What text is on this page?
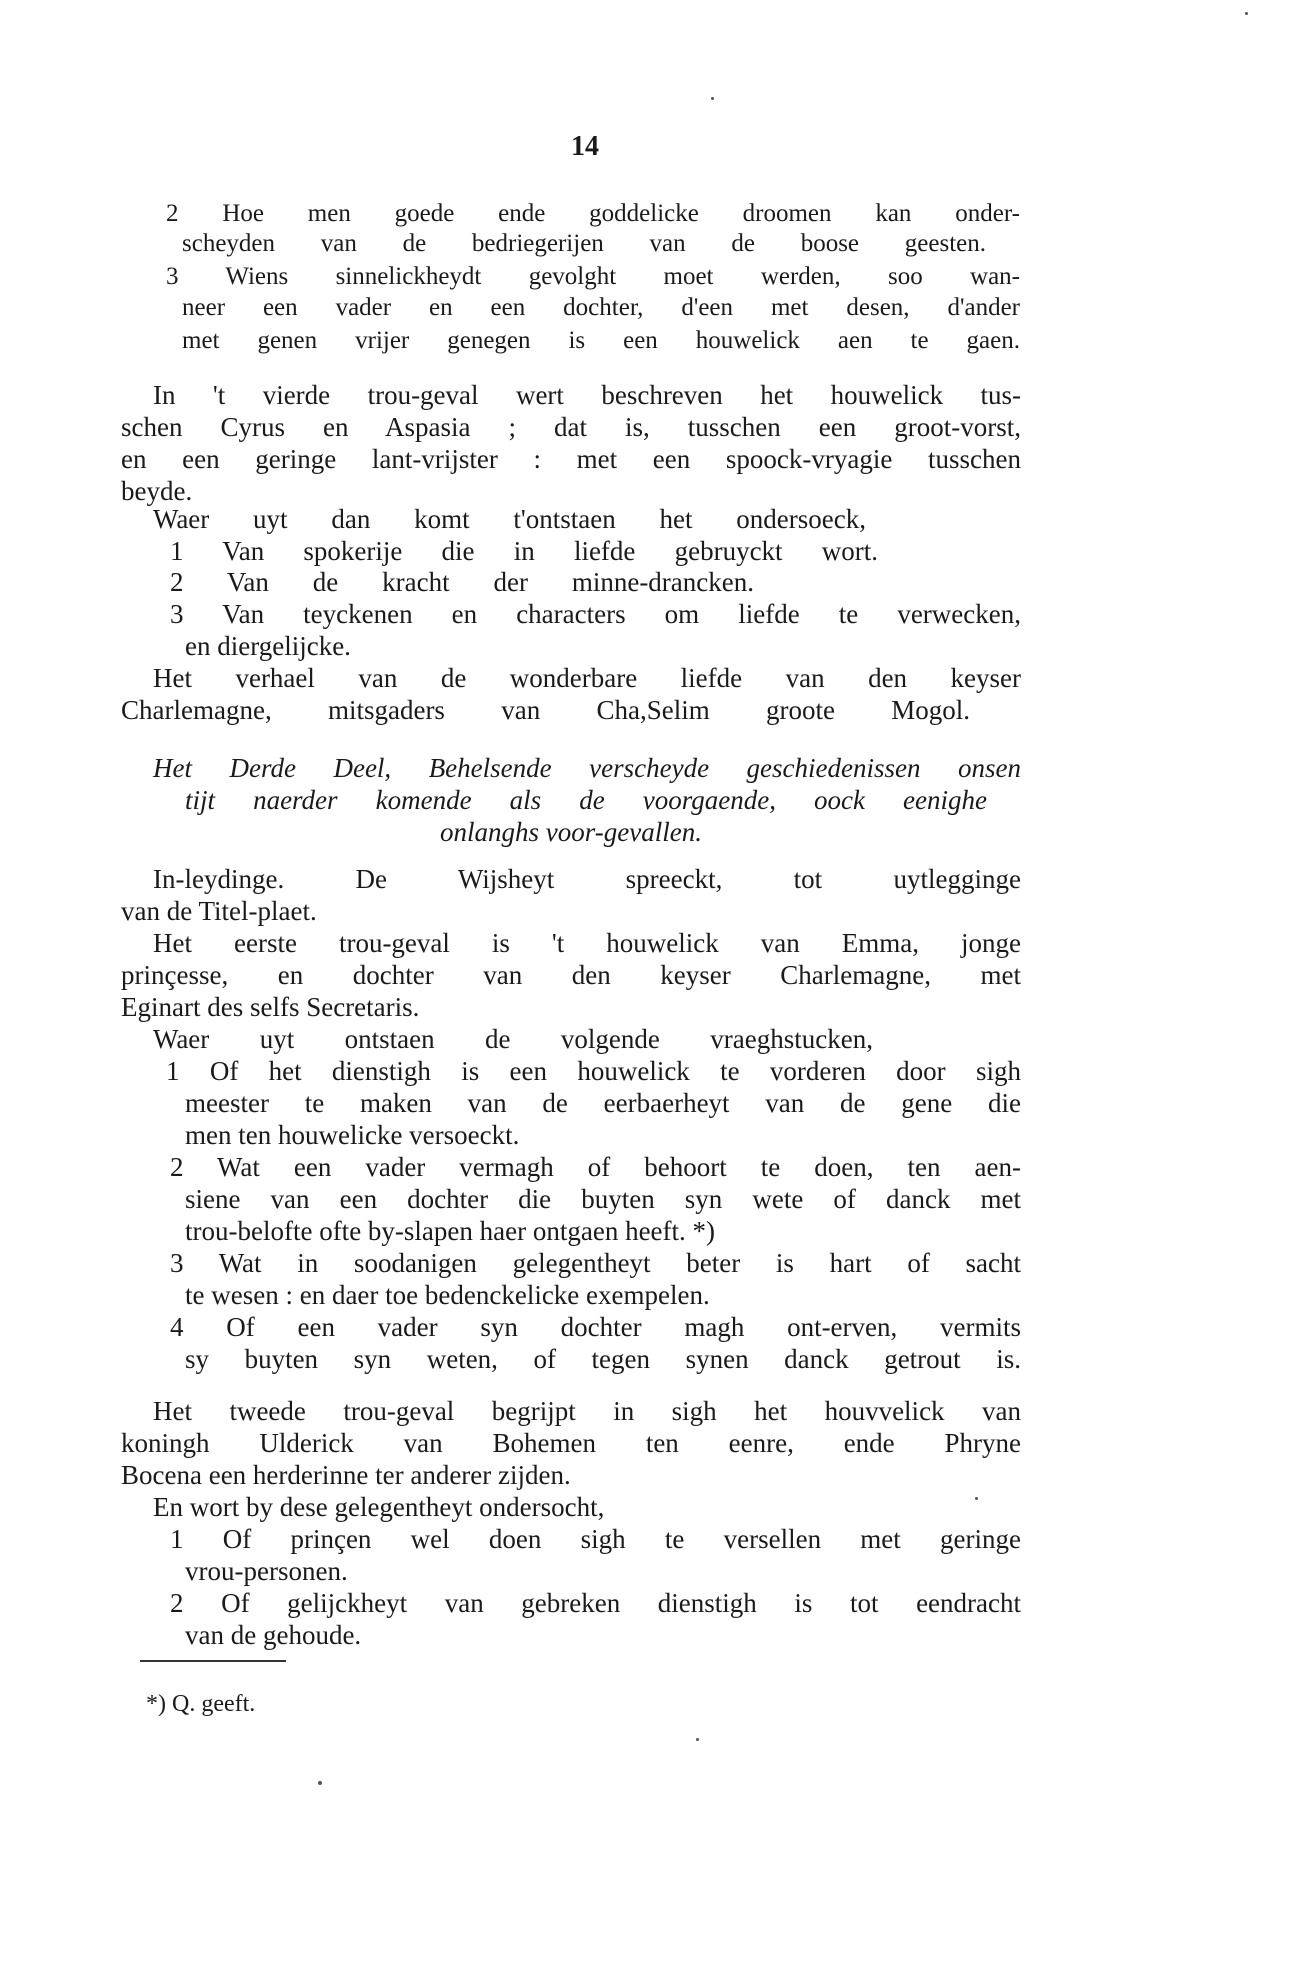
14
2 Hoe men goede ende goddelicke droomen kan onder-
scheyden van de bedriegerijen van de boose geesten.
3 Wiens sinnelickheydt gevolght moet werden, soo wan-
neer een vader en een dochter, d'een met desen, d'ander
met genen vrijer genegen is een houwelick aen te gaen.
In 't vierde trou-geval wert beschreven het houwelick tus-
schen Cyrus en Aspasia ; dat is, tusschen een groot-vorst,
en een geringe lant-vrijster : met een spoock-vryagie tusschen
beyde.
Waer uyt dan komt t'ontstaen het ondersoeck,
1 Van spokerije die in liefde gebruyckt wort.
2 Van de kracht der minne-drancken.
3 Van teyckenen en characters om liefde te verwecken,
en diergelijcke.
Het verhael van de wonderbare liefde van den keyser
Charlemagne, mitsgaders van Cha,Selim groote Mogol.
Het Derde Deel, Behelsende verscheyde geschiedenissen onsen
tijt naerder komende als de voorgaende, oock eenighe
onlanghs voor-gevallen.
In-leydinge. De Wijsheyt spreeckt, tot uytlegginge
van de Titel-plaet.
Het eerste trou-geval is 't houwelick van Emma, jonge
prinçesse, en dochter van den keyser Charlemagne, met
Eginart des selfs Secretaris.
Waer uyt ontstaen de volgende vraeghstucken,
1 Of het dienstigh is een houwelick te vorderen door sigh
meester te maken van de eerbaerheyt van de gene die
men ten houwelicke versoeckt.
2 Wat een vader vermagh of behoort te doen, ten aen-
siene van een dochter die buyten syn wete of danck met
trou-belofte ofte by-slapen haer ontgaen heeft. *)
3 Wat in soodanigen gelegentheyt beter is hart of sacht
te wesen : en daer toe bedenckelicke exempelen.
4 Of een vader syn dochter magh ont-erven, vermits
sy buyten syn weten, of tegen synen danck getrout is.
Het tweede trou-geval begrijpt in sigh het houvvelick van
koningh Ulderick van Bohemen ten eenre, ende Phryne
Bocena een herderinne ter anderer zijden.
En wort by dese gelegentheyt ondersocht,
1 Of prinçen wel doen sigh te versellen met geringe
vrou-personen.
2 Of gelijckheyt van gebreken dienstigh is tot eendracht
van de gehoude.
*) Q. geeft.
